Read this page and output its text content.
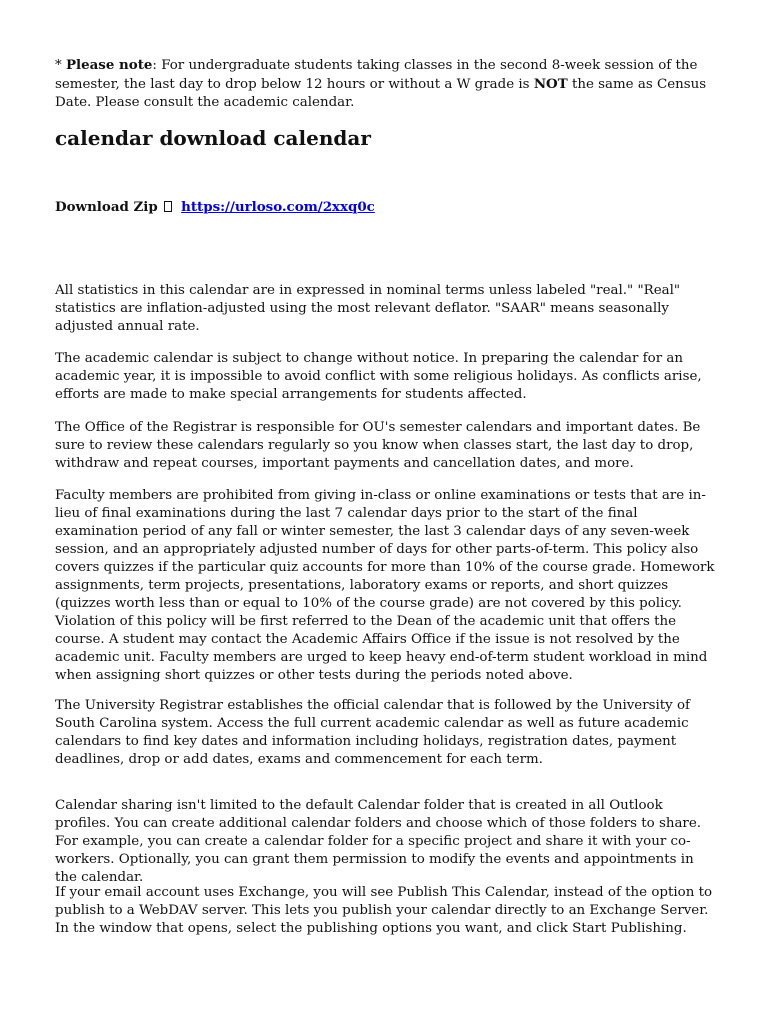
* Please note: For undergraduate students taking classes in the second 8-week session of the semester, the last day to drop below 12 hours or without a W grade is NOT the same as Census Date. Please consult the academic calendar.

calendar download calendar
Download Zip https://urloso.com/2xxq0c

All statistics in this calendar are in expressed in nominal terms unless labeled "real." "Real" statistics are inflation-adjusted using the most relevant deflator. "SAAR" means seasonally adjusted annual rate.

The academic calendar is subject to change without notice. In preparing the calendar for an academic year, it is impossible to avoid conflict with some religious holidays. As conflicts arise, efforts are made to make special arrangements for students affected.

The Office of the Registrar is responsible for OU's semester calendars and important dates. Be sure to review these calendars regularly so you know when classes start, the last day to drop, withdraw and repeat courses, important payments and cancellation dates, and more.

Faculty members are prohibited from giving in-class or online examinations or tests that are in-lieu of final examinations during the last 7 calendar days prior to the start of the final examination period of any fall or winter semester, the last 3 calendar days of any seven-week session, and an appropriately adjusted number of days for other parts-of-term. This policy also covers quizzes if the particular quiz accounts for more than 10% of the course grade. Homework assignments, term projects, presentations, laboratory exams or reports, and short quizzes (quizzes worth less than or equal to 10% of the course grade) are not covered by this policy. Violation of this policy will be first referred to the Dean of the academic unit that offers the course. A student may contact the Academic Affairs Office if the issue is not resolved by the academic unit. Faculty members are urged to keep heavy end-of-term student workload in mind when assigning short quizzes or other tests during the periods noted above.

The University Registrar establishes the official calendar that is followed by the University of South Carolina system. Access the full current academic calendar as well as future academic calendars to find key dates and information including holidays, registration dates, payment deadlines, drop or add dates, exams and commencement for each term.

Calendar sharing isn't limited to the default Calendar folder that is created in all Outlook profiles. You can create additional calendar folders and choose which of those folders to share. For example, you can create a calendar folder for a specific project and share it with your co-workers. Optionally, you can grant them permission to modify the events and appointments in the calendar.

If your email account uses Exchange, you will see Publish This Calendar, instead of the option to publish to a WebDAV server. This lets you publish your calendar directly to an Exchange Server. In the window that opens, select the publishing options you want, and click Start Publishing.
